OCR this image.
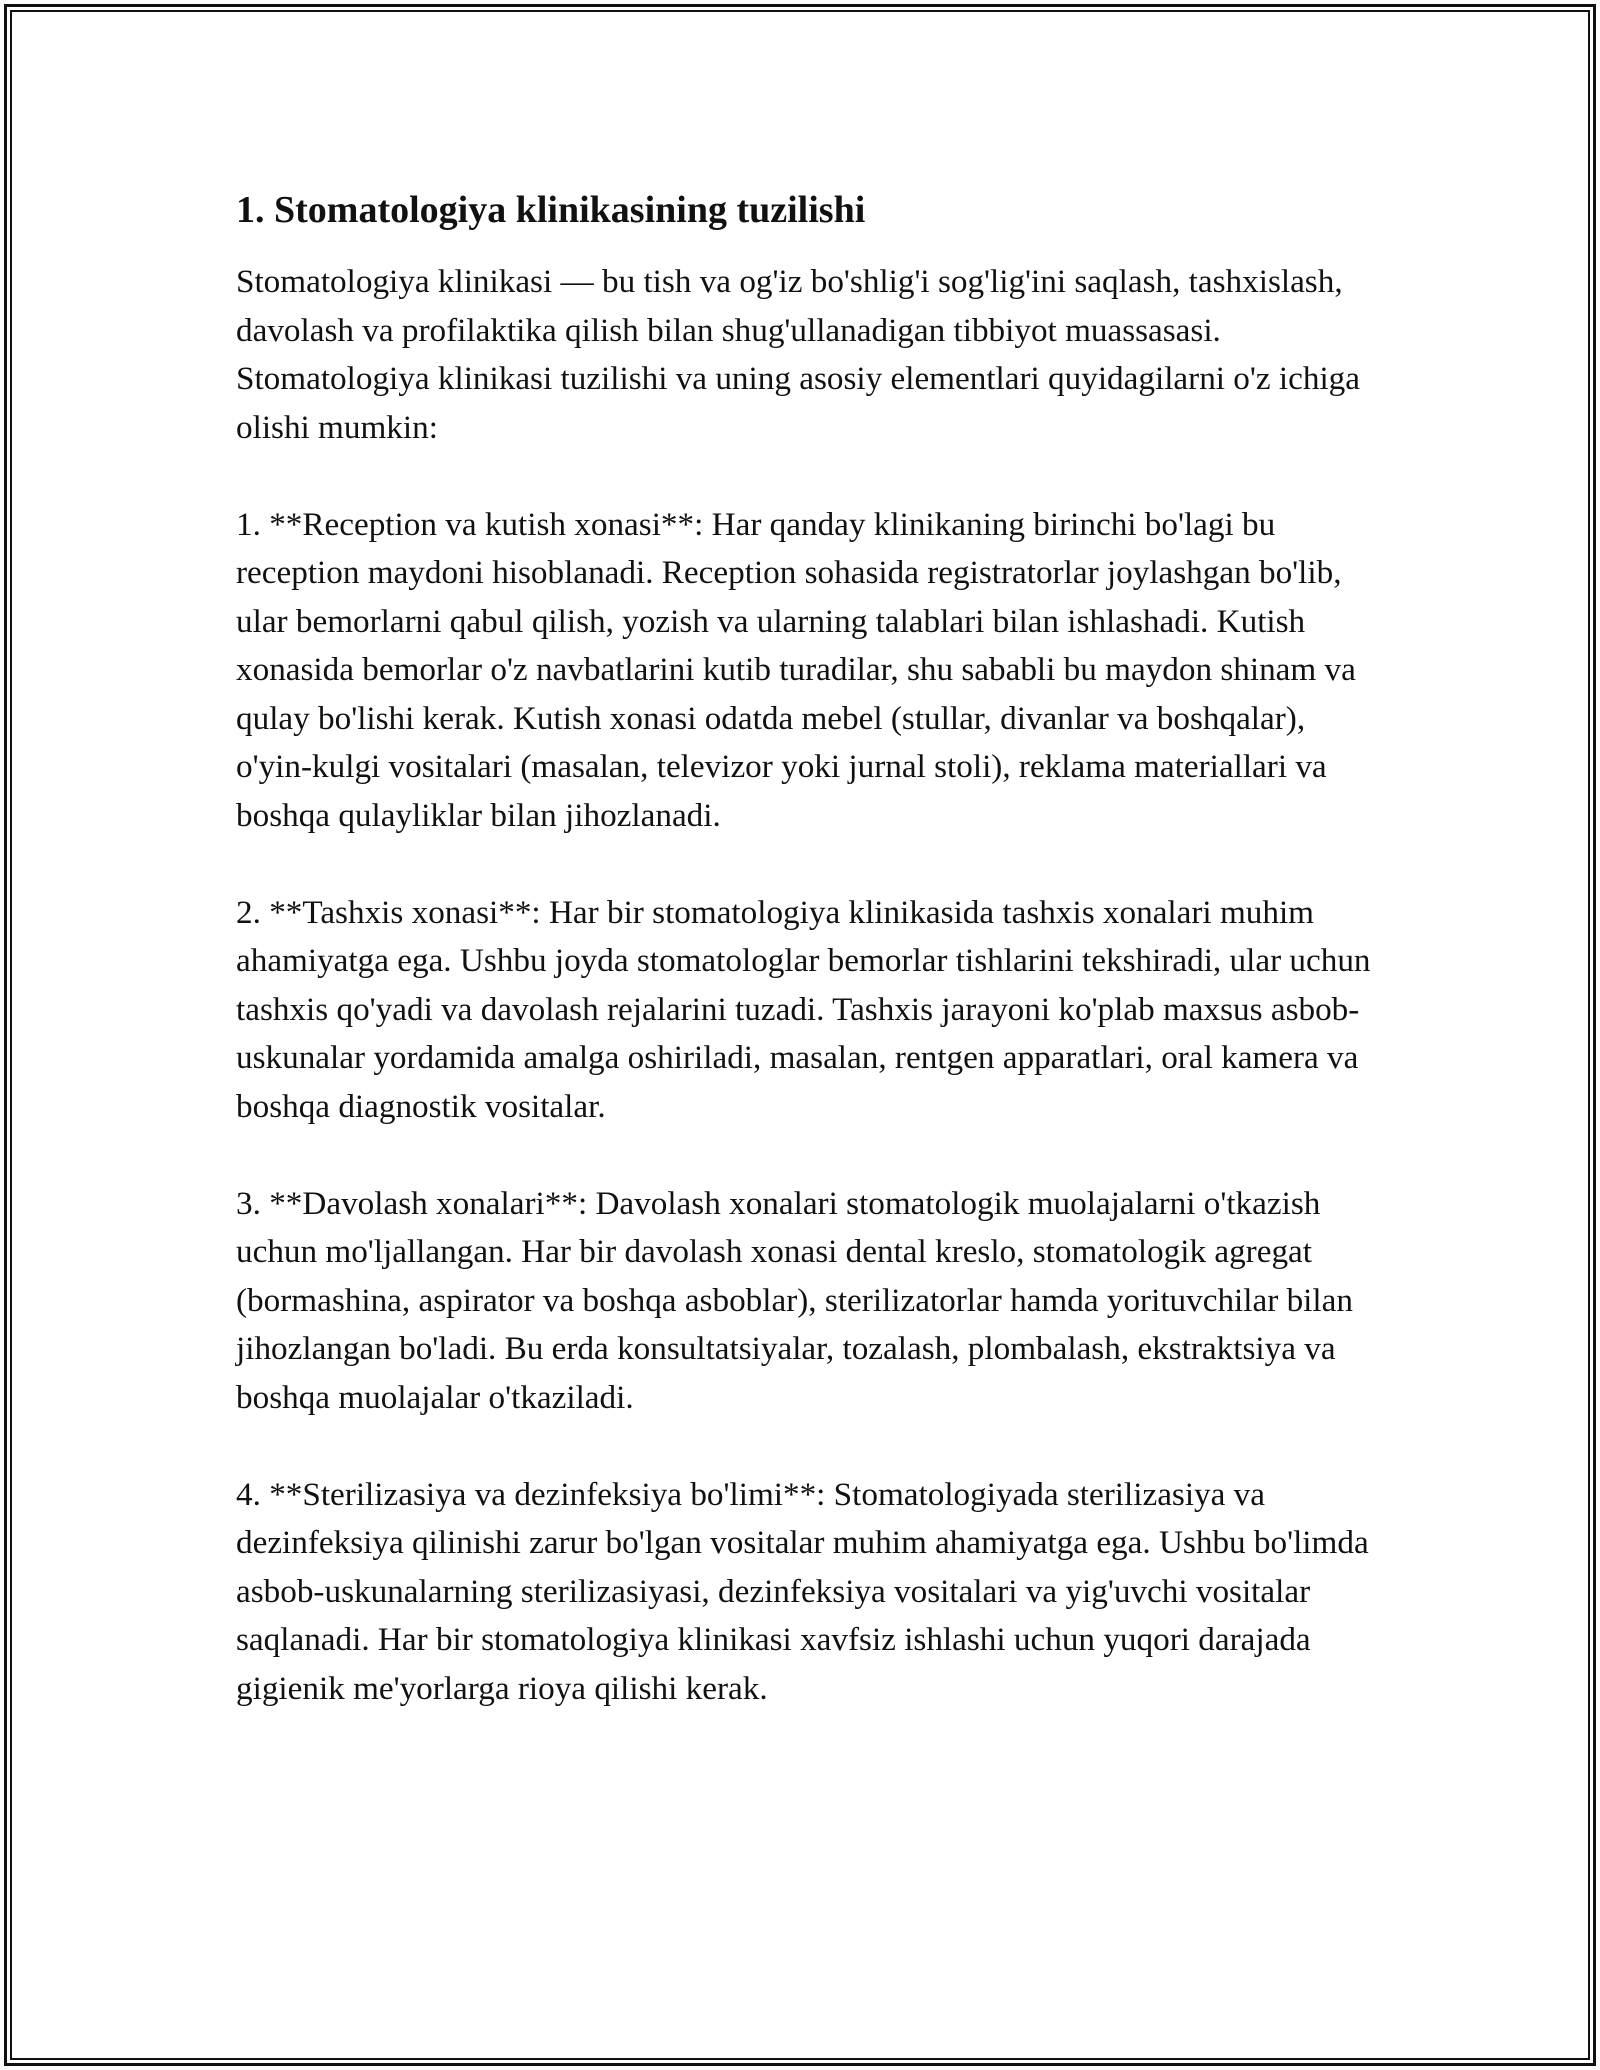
1. Stomatologiya klinikasining tuzilishi

Stomatologiya klinikasi — bu tish va og'iz bo'shlig'i sog'lig'ini saqlash, tashxislash, davolash va profilaktika qilish bilan shug'ullanadigan tibbiyot muassasasi. Stomatologiya klinikasi tuzilishi va uning asosiy elementlari quyidagilarni o'z ichiga olishi mumkin:

1. **Reception va kutish xonasi**: Har qanday klinikaning birinchi bo'lagi bu reception maydoni hisoblanadi. Reception sohasida registratorlar joylashgan bo'lib, ular bemorlarni qabul qilish, yozish va ularning talablari bilan ishlashadi. Kutish xonasida bemorlar o'z navbatlarini kutib turadilar, shu sababli bu maydon shinam va qulay bo'lishi kerak. Kutish xonasi odatda mebel (stullar, divanlar va boshqalar), o'yin-kulgi vositalari (masalan, televizor yoki jurnal stoli), reklama materiallari va boshqa qulayliklar bilan jihozlanadi.

2. **Tashxis xonasi**: Har bir stomatologiya klinikasida tashxis xonalari muhim ahamiyatga ega. Ushbu joyda stomatologlar bemorlar tishlarini tekshiradi, ular uchun tashxis qo'yadi va davolash rejalarini tuzadi. Tashxis jarayoni ko'plab maxsus asbob-uskunalar yordamida amalga oshiriladi, masalan, rentgen apparatlari, oral kamera va boshqa diagnostik vositalar.

3. **Davolash xonalari**: Davolash xonalari stomatologik muolajalarni o'tkazish uchun mo'ljallangan. Har bir davolash xonasi dental kreslo, stomatologik agregat (bormashina, aspirator va boshqa asboblar), sterilizatorlar hamda yorituvchilar bilan jihozlangan bo'ladi. Bu erda konsultatsiyalar, tozalash, plombalash, ekstraktsiya va boshqa muolajalar o'tkaziladi.

4. **Sterilizasiya va dezinfeksiya bo'limi**: Stomatologiyada sterilizasiya va dezinfeksiya qilinishi zarur bo'lgan vositalar muhim ahamiyatga ega. Ushbu bo'limda asbob-uskunalarning sterilizasiyasi, dezinfeksiya vositalari va yig'uvchi vositalar saqlanadi. Har bir stomatologiya klinikasi xavfsiz ishlashi uchun yuqori darajada gigienik me'yorlarga rioya qilishi kerak.
